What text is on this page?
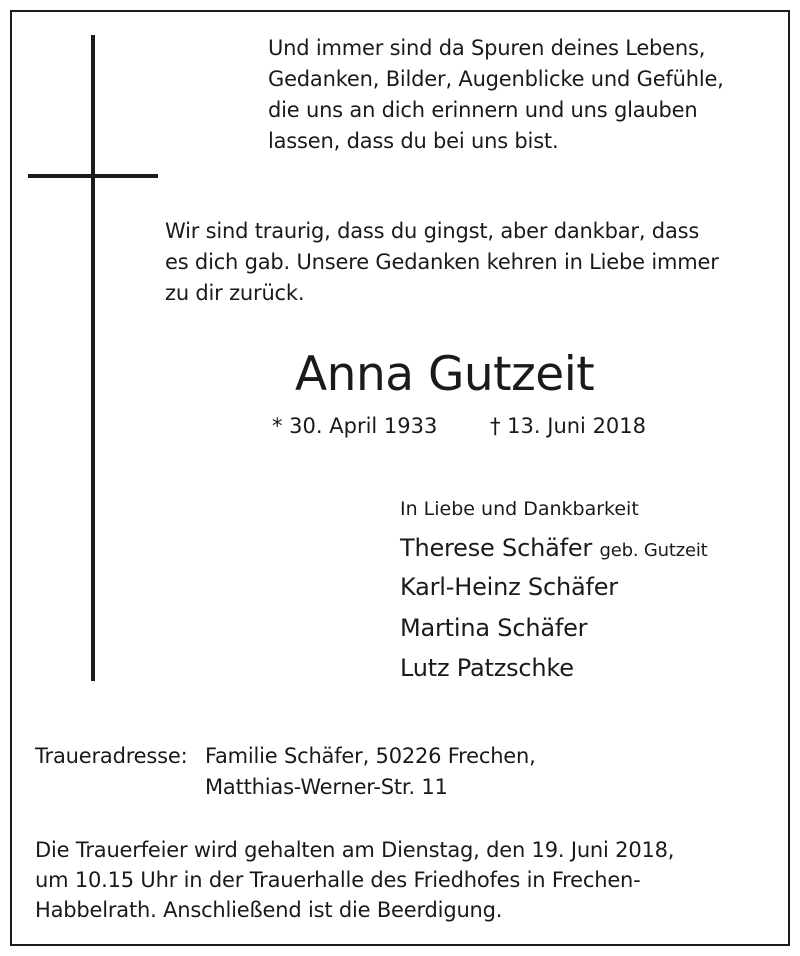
Und immer sind da Spuren deines Lebens,
Gedanken, Bilder, Augenblicke und Gefühle,
die uns an dich erinnern und uns glauben
lassen, dass du bei uns bist.
Wir sind traurig, dass du gingst, aber dankbar, dass
es dich gab. Unsere Gedanken kehren in Liebe immer
zu dir zurück.
Anna Gutzeit
* 30. April 1933	† 13. Juni 2018
In Liebe und Dankbarkeit
Therese Schäfer geb. Gutzeit
Karl-Heinz Schäfer
Martina Schäfer
Lutz Patzschke
Traueradresse: Familie Schäfer, 50226 Frechen,
Matthias-Werner-Str. 11
Die Trauerfeier wird gehalten am Dienstag, den 19. Juni 2018,
um 10.15 Uhr in der Trauerhalle des Friedhofes in Frechen-
Habbelrath. Anschließend ist die Beerdigung.
